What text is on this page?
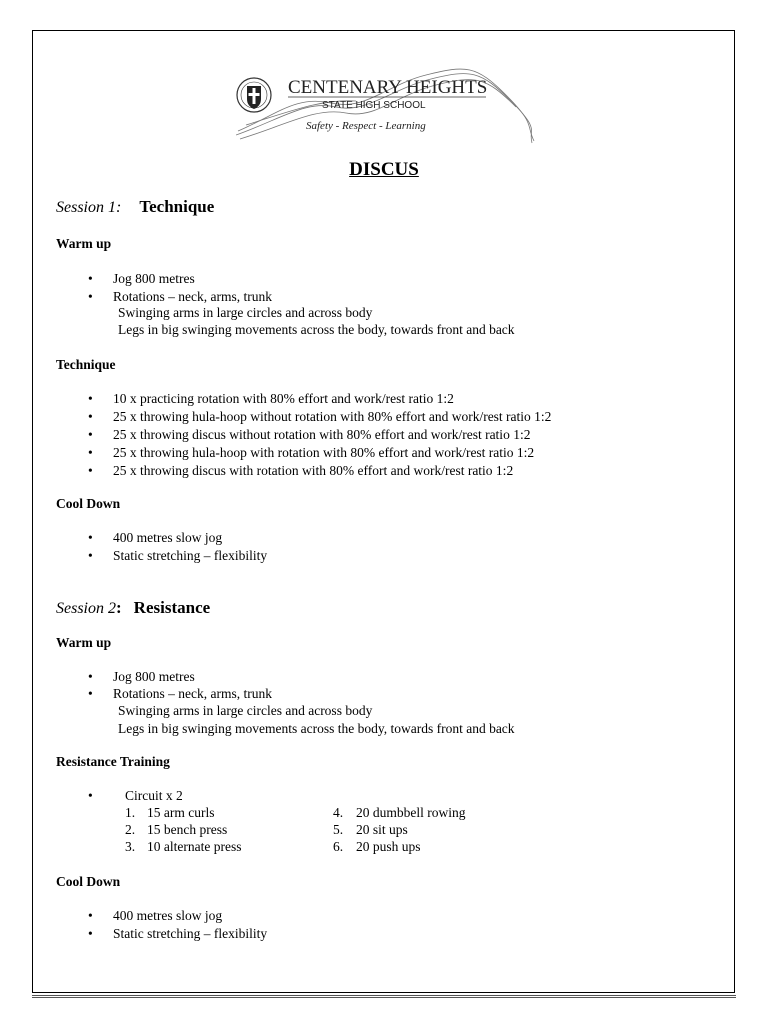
CENTENARY HEIGHTS
STATE HIGH SCHOOL
Safety - Respect - Learning
DISCUS
Session 1: Technique
Warm up
• Jog 800 metres
• Rotations – neck, arms, trunk
Swinging arms in large circles and across body
Legs in big swinging movements across the body, towards front and back
Technique
• 10 x practicing rotation with 80% effort and work/rest ratio 1:2
• 25 x throwing hula-hoop without rotation with 80% effort and work/rest ratio 1:2
• 25 x throwing discus without rotation with 80% effort and work/rest ratio 1:2
• 25 x throwing hula-hoop with rotation with 80% effort and work/rest ratio 1:2
• 25 x throwing discus with rotation with 80% effort and work/rest ratio 1:2
Cool Down
• 400 metres slow jog
• Static stretching – flexibility
Session 2: Resistance
Warm up
• Jog 800 metres
• Rotations – neck, arms, trunk
Swinging arms in large circles and across body
Legs in big swinging movements across the body, towards front and back
Resistance Training
• Circuit x 2
1. 15 arm curls
2. 15 bench press
3. 10 alternate press
4. 20 dumbbell rowing
5. 20 sit ups
6. 20 push ups
Cool Down
• 400 metres slow jog
• Static stretching – flexibility
